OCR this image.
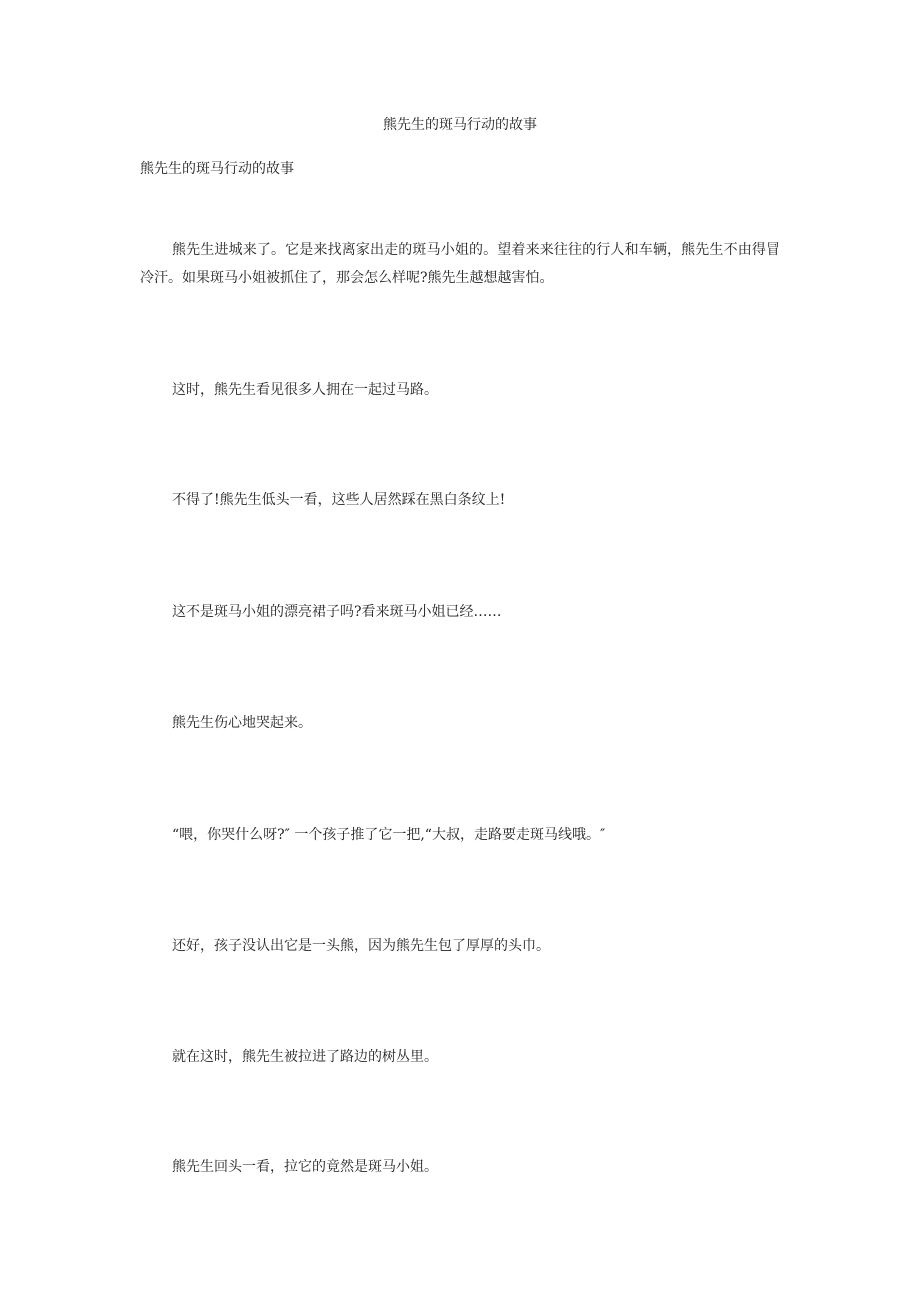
熊先生的斑马行动的故事
熊先生的斑马行动的故事

熊先生进城来了。它是来找离家出走的斑马小姐的。望着来来往往的行人和车辆，熊先生不由得冒冷汗。如果斑马小姐被抓住了，那会怎么样呢?熊先生越想越害怕。

这时，熊先生看见很多人拥在一起过马路。

不得了!熊先生低头一看，这些人居然踩在黑白条纹上!

这不是斑马小姐的漂亮裙子吗?看来斑马小姐已经……

熊先生伤心地哭起来。

“喂，你哭什么呀?″ 一个孩子推了它一把,“大叔，走路要走斑马线哦。″

还好，孩子没认出它是一头熊，因为熊先生包了厚厚的头巾。

就在这时，熊先生被拉进了路边的树丛里。

熊先生回头一看，拉它的竟然是斑马小姐。
